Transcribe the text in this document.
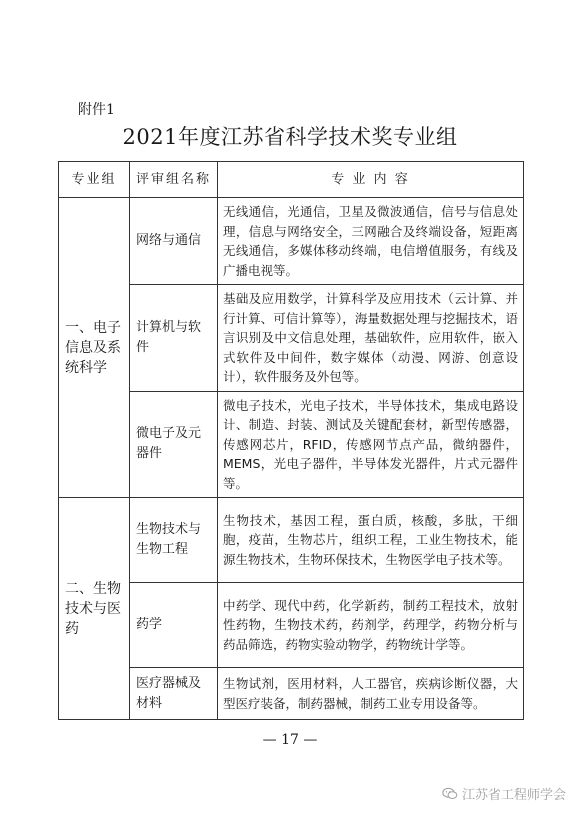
附件1
2021年度江苏省科学技术奖专业组
专业组	评审组名称	专 业 内 容
一、电子信息及系统科学	网络与通信	无线通信，光通信，卫星及微波通信，信号与信息处理，信息与网络安全，三网融合及终端设备，短距离无线通信，多媒体移动终端，电信增值服务，有线及广播电视等。
	计算机与软件	基础及应用数学，计算科学及应用技术（云计算、并行计算、可信计算等），海量数据处理与挖掘技术，语言识别及中文信息处理，基础软件，应用软件，嵌入式软件及中间件，数字媒体（动漫、网游、创意设计），软件服务及外包等。
	微电子及元器件	微电子技术，光电子技术，半导体技术，集成电路设计、制造、封装、测试及关键配套材，新型传感器，传感网芯片，RFID，传感网节点产品，微纳器件，MEMS，光电子器件，半导体发光器件，片式元器件等。
二、生物技术与医药	生物技术与生物工程	生物技术，基因工程，蛋白质，核酸，多肽，干细胞，疫苗，生物芯片，组织工程，工业生物技术，能源生物技术，生物环保技术，生物医学电子技术等。
	药学	中药学、现代中药，化学新药，制药工程技术，放射性药物，生物技术药，药剂学，药理学，药物分析与药品筛选，药物实验动物学，药物统计学等。
	医疗器械及材料	生物试剂，医用材料，人工器官，疾病诊断仪器，大型医疗装备，制药器械，制药工业专用设备等。
— 17 —
江苏省工程师学会
